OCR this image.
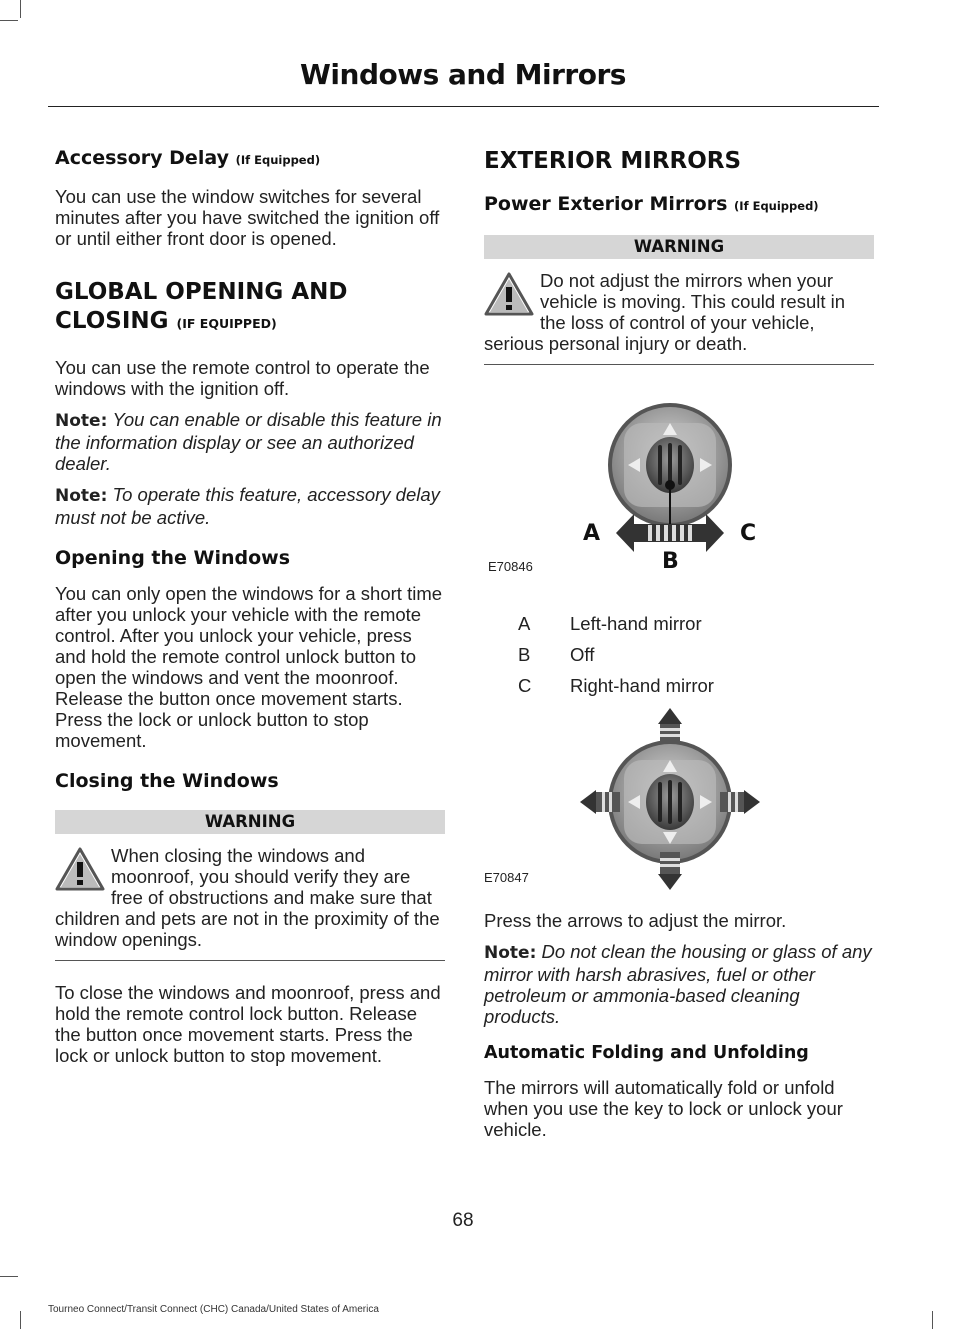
Windows and Mirrors
Accessory Delay (If Equipped)

You can use the window switches for several minutes after you have switched the ignition off or until either front door is opened.

GLOBAL OPENING AND
CLOSING (IF EQUIPPED)

You can use the remote control to operate the windows with the ignition off.

Note: You can enable or disable this feature in the information display or see an authorized dealer.

Note: To operate this feature, accessory delay must not be active.

Opening the Windows

You can only open the windows for a short time after you unlock your vehicle with the remote control. After you unlock your vehicle, press and hold the remote control unlock button to open the windows and vent the moonroof. Release the button once movement starts. Press the lock or unlock button to stop movement.

Closing the Windows
WARNING

When closing the windows and moonroof, you should verify they are free of obstructions and make sure that children and pets are not in the proximity of the window openings.

To close the windows and moonroof, press and hold the remote control lock button. Release the button once movement starts. Press the lock or unlock button to stop movement.

EXTERIOR MIRRORS
Power Exterior Mirrors (If Equipped)
WARNING

Do not adjust the mirrors when your vehicle is moving. This could result in the loss of control of your vehicle, serious personal injury or death.

A
B
C
E70846
A	Left-hand mirror
B	Off
C	Right-hand mirror
E70847

Press the arrows to adjust the mirror.

Note: Do not clean the housing or glass of any mirror with harsh abrasives, fuel or other petroleum or ammonia-based cleaning products.

Automatic Folding and Unfolding

The mirrors will automatically fold or unfold when you use the key to lock or unlock your vehicle.

68
Tourneo Connect/Transit Connect (CHC) Canada/United States of America
